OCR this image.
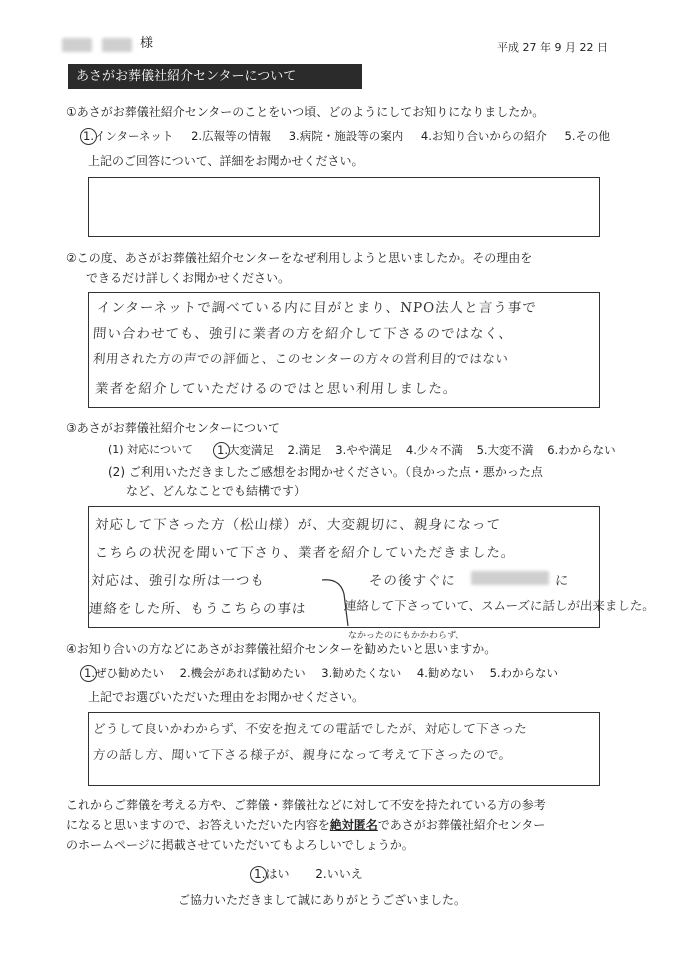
様	平成 27 年 9 月 22 日
あさがお葬儀社紹介センターについて
①あさがお葬儀社紹介センターのことをいつ頃、どのようにしてお知りになりましたか。
1.インターネット 2.広報等の情報 3.病院・施設等の案内 4.お知り合いからの紹介 5.その他
上記のご回答について、詳細をお聞かせください。
②この度、あさがお葬儀社紹介センターをなぜ利用しようと思いましたか。その理由を
できるだけ詳しくお聞かせください。
インターネットで調べている内に目がとまり、NPO法人と言う事で
問い合わせても、強引に業者の方を紹介して下さるのではなく、
利用された方の声での評価と、このセンターの方々の営利目的ではない
業者を紹介していただけるのではと思い利用しました。
③あさがお葬儀社紹介センターについて
(1) 対応について 1.大変満足 2.満足 3.やや満足 4.少々不満 5.大変不満 6.わからない
(2) ご利用いただきましたご感想をお聞かせください。（良かった点・悪かった点
など、どんなことでも結構です）
対応して下さった方（松山様）が、大変親切に、親身になって
こちらの状況を聞いて下さり、業者を紹介していただきました。
対応は、強引な所は一つも	その後すぐに	に
連絡をした所、もうこちらの事は	連絡して下さっていて、スムーズに話しが出来ました。
なかったのにもかかわらず、
④お知り合いの方などにあさがお葬儀社紹介センターを勧めたいと思いますか。
1.ぜひ勧めたい 2.機会があれば勧めたい 3.勧めたくない 4.勧めない 5.わからない
上記でお選びいただいた理由をお聞かせください。
どうして良いかわからず、不安を抱えての電話でしたが、対応して下さった
方の話し方、聞いて下さる様子が、親身になって考えて下さったので。
これからご葬儀を考える方や、ご葬儀・葬儀社などに対して不安を持たれている方の参考
になると思いますので、お答えいただいた内容を絶対匿名であさがお葬儀社紹介センター
のホームページに掲載させていただいてもよろしいでしょうか。
1.はい 2.いいえ
ご協力いただきまして誠にありがとうございました。
